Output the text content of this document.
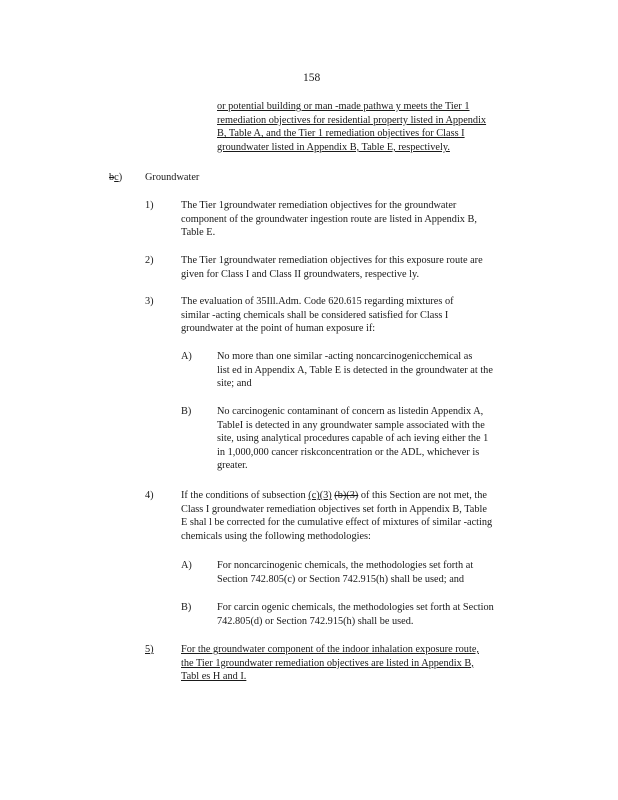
158
or potential building or man -made pathwa y meets the Tier 1
remediation objectives for residential property listed in Appendix
B, Table A, and the Tier 1 remediation objectives for Class I
groundwater listed in Appendix B, Table E, respectively.
bc) Groundwater
1)	The Tier 1groundwater remediation objectives for the groundwater
component of the groundwater ingestion route are listed in Appendix B,
Table E.
2)	The Tier 1groundwater remediation objectives for this exposure route are
given for Class I and Class II groundwaters, respective ly.
3)	The evaluation of 35Ill.Adm. Code 620.615 regarding mixtures of
similar -acting chemicals shall be considered satisfied for Class I
groundwater at the point of human exposure if:
A) No more than one similar -acting noncarcinogenicchemical as
list ed in Appendix A, Table E is detected in the groundwater at the
site; and
B) No carcinogenic contaminant of concern as listedin Appendix A,
TableI is detected in any groundwater sample associated with the
site, using analytical procedures capable of ach ieving either the 1
in 1,000,000 cancer riskconcentration or the ADL, whichever is
greater.
4)	If the conditions of subsection (c)(3) (b)(3) of this Section are not met, the
Class I groundwater remediation objectives set forth in Appendix B, Table
E shal l be corrected for the cumulative effect of mixtures of similar -acting
chemicals using the following methodologies:
A) For noncarcinogenic chemicals, the methodologies set forth at
Section 742.805(c) or Section 742.915(h) shall be used; and
B) For carcin ogenic chemicals, the methodologies set forth at Section
742.805(d) or Section 742.915(h) shall be used.
5)	For the groundwater component of the indoor inhalation exposure route,
the Tier 1groundwater remediation objectives are listed in Appendix B,
Tabl es H and I.
